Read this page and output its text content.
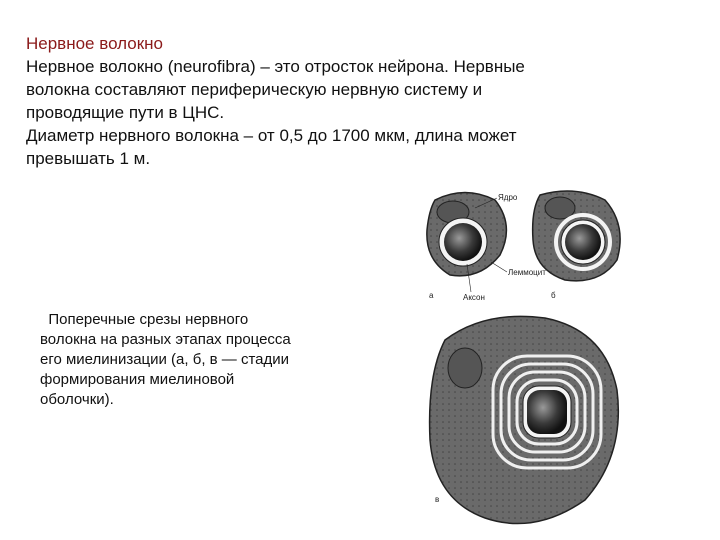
Нервное волокно
Нервное волокно (neurofibra) – это отросток нейрона. Нервные
волокна составляют периферическую нервную систему и
проводящие пути в ЦНС.
Диаметр нервного волокна – от 0,5 до 1700 мкм, длина может
превышать 1 м.
Поперечные срезы нервного
волокна на разных этапах процесса
его миелинизации (а, б, в — стадии
формирования миелиновой
оболочки).
Ядро
Леммоцит
Аксон
а	б
в
